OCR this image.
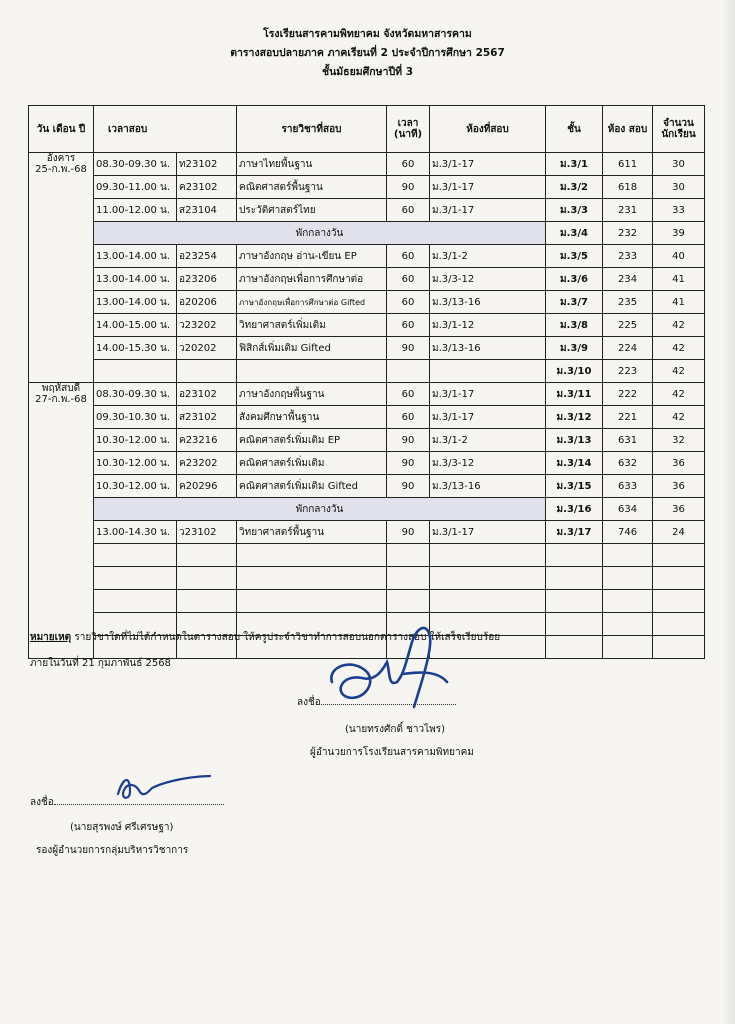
โรงเรียนสารคามพิทยาคม จังหวัดมหาสารคาม
ตารางสอบปลายภาค ภาคเรียนที่ 2 ประจำปีการศึกษา 2567
ชั้นมัธยมศึกษาปีที่ 3
วัน เดือน ปี	เวลาสอบ		รายวิชาที่สอบ	เวลา (นาที)	ห้องที่สอบ	ชั้น	ห้อง สอบ	จำนวน นักเรียน

อังคาร
25-ก.พ.-68	08.30-09.30 น.	ท23102	ภาษาไทยพื้นฐาน	60	ม.3/1-17	ม.3/1	611	30
	09.30-11.00 น.	ค23102	คณิตศาสตร์พื้นฐาน	90	ม.3/1-17	ม.3/2	618	30
	11.00-12.00 น.	ส23104	ประวัติศาสตร์ไทย	60	ม.3/1-17	ม.3/3	231	33
	พักกลางวัน					ม.3/4	232	39
	13.00-14.00 น.	อ23254	ภาษาอังกฤษ อ่าน-เขียน EP	60	ม.3/1-2	ม.3/5	233	40
	13.00-14.00 น.	อ23206	ภาษาอังกฤษเพื่อการศึกษาต่อ	60	ม.3/3-12	ม.3/6	234	41
	13.00-14.00 น.	อ20206	ภาษาอังกฤษเพื่อการศึกษาต่อ Gifted	60	ม.3/13-16	ม.3/7	235	41
	14.00-15.00 น.	ว23202	วิทยาศาสตร์เพิ่มเติม	60	ม.3/1-12	ม.3/8	225	42
	14.00-15.30 น.	ว20202	ฟิสิกส์เพิ่มเติม Gifted	90	ม.3/13-16	ม.3/9	224	42
						ม.3/10	223	42

พฤหัสบดี
27-ก.พ.-68	08.30-09.30 น.	อ23102	ภาษาอังกฤษพื้นฐาน	60	ม.3/1-17	ม.3/11	222	42
	09.30-10.30 น.	ส23102	สังคมศึกษาพื้นฐาน	60	ม.3/1-17	ม.3/12	221	42
	10.30-12.00 น.	ค23216	คณิตศาสตร์เพิ่มเติม EP	90	ม.3/1-2	ม.3/13	631	32
	10.30-12.00 น.	ค23202	คณิตศาสตร์เพิ่มเติม	90	ม.3/3-12	ม.3/14	632	36
	10.30-12.00 น.	ค20296	คณิตศาสตร์เพิ่มเติม Gifted	90	ม.3/13-16	ม.3/15	633	36
	พักกลางวัน					ม.3/16	634	36
	13.00-14.30 น.	ว23102	วิทยาศาสตร์พื้นฐาน	90	ม.3/1-17	ม.3/17	746	24

หมายเหตุ รายวิชาใดที่ไม่ได้กำหนดในตารางสอบ ให้ครูประจำวิชาทำการสอบนอกตารางสอบ ให้เสร็จเรียบร้อย
ภายในวันที่ 21 กุมภาพันธ์ 2568
ลงชื่อ
(นายทรงศักดิ์ ชาวไพร)
ผู้อำนวยการโรงเรียนสารคามพิทยาคม
ลงชื่อ
(นายสุรพงษ์ ศรีเศรษฐา)
รองผู้อำนวยการกลุ่มบริหารวิชาการ
